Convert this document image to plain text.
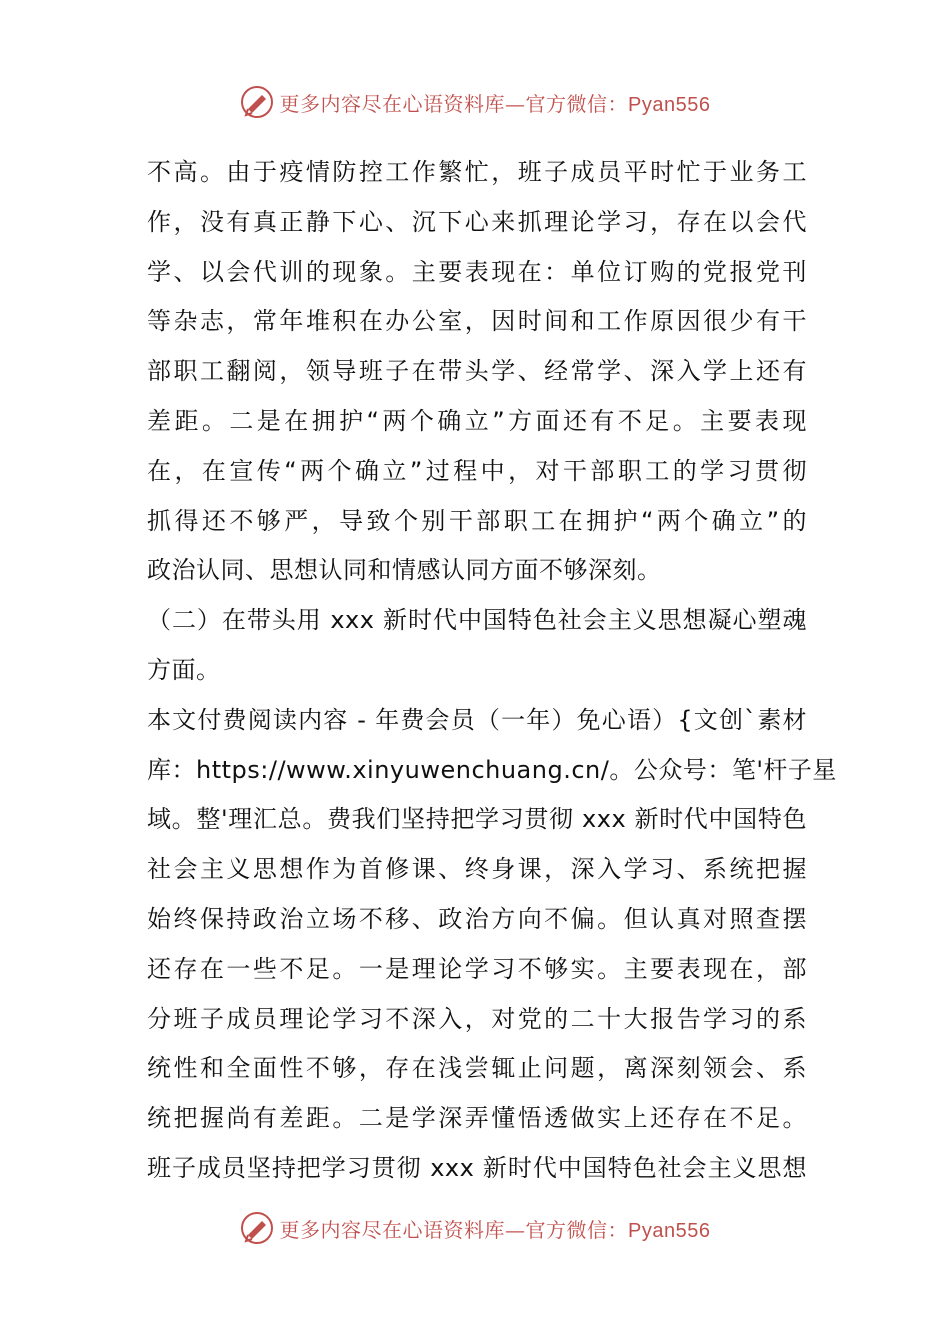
更多内容尽在心语资料库—官方微信：Pyan556
不高。由于疫情防控工作繁忙，班子成员平时忙于业务工
作，没有真正静下心、沉下心来抓理论学习，存在以会代
学、以会代训的现象。主要表现在：单位订购的党报党刊
等杂志，常年堆积在办公室，因时间和工作原因很少有干
部职工翻阅，领导班子在带头学、经常学、深入学上还有
差距。二是在拥护“两个确立”方面还有不足。主要表现
在，在宣传“两个确立”过程中，对干部职工的学习贯彻
抓得还不够严，导致个别干部职工在拥护“两个确立”的
政治认同、思想认同和情感认同方面不够深刻。
（二）在带头用 xxx 新时代中国特色社会主义思想凝心塑魂
方面。
本文付费阅读内容 - 年费会员（一年）免心语）{文创`素材
库：https://www.xinyuwenchuang.cn/。公众号：笔'杆子星
域。整'理汇总。费我们坚持把学习贯彻 xxx 新时代中国特色
社会主义思想作为首修课、终身课，深入学习、系统把握
始终保持政治立场不移、政治方向不偏。但认真对照查摆
还存在一些不足。一是理论学习不够实。主要表现在，部
分班子成员理论学习不深入，对党的二十大报告学习的系
统性和全面性不够，存在浅尝辄止问题，离深刻领会、系
统把握尚有差距。二是学深弄懂悟透做实上还存在不足。
班子成员坚持把学习贯彻 xxx 新时代中国特色社会主义思想
更多内容尽在心语资料库—官方微信：Pyan556
